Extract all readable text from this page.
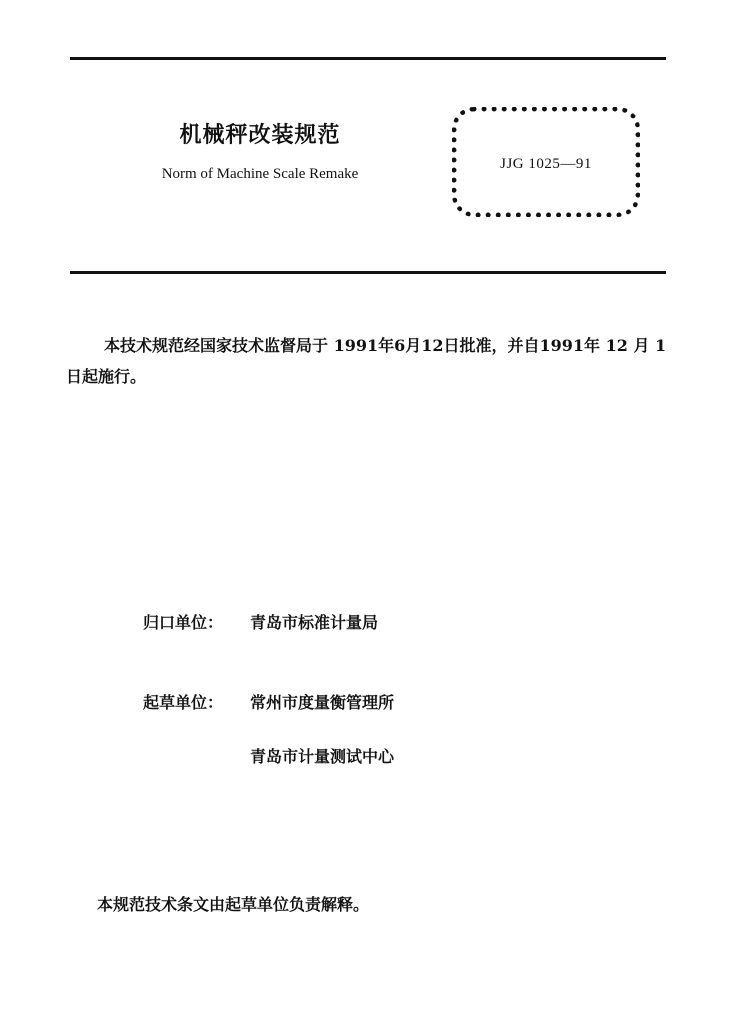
机械秤改装规范
Norm of Machine Scale Remake
JJG 1025—91
本技术规范经国家技术监督局于 1991年6月12日批准，并自1991年 12 月 1 日起施行。
归口单位： 青岛市标准计量局
起草单位： 常州市度量衡管理所
青岛市计量测试中心
本规范技术条文由起草单位负责解释。
